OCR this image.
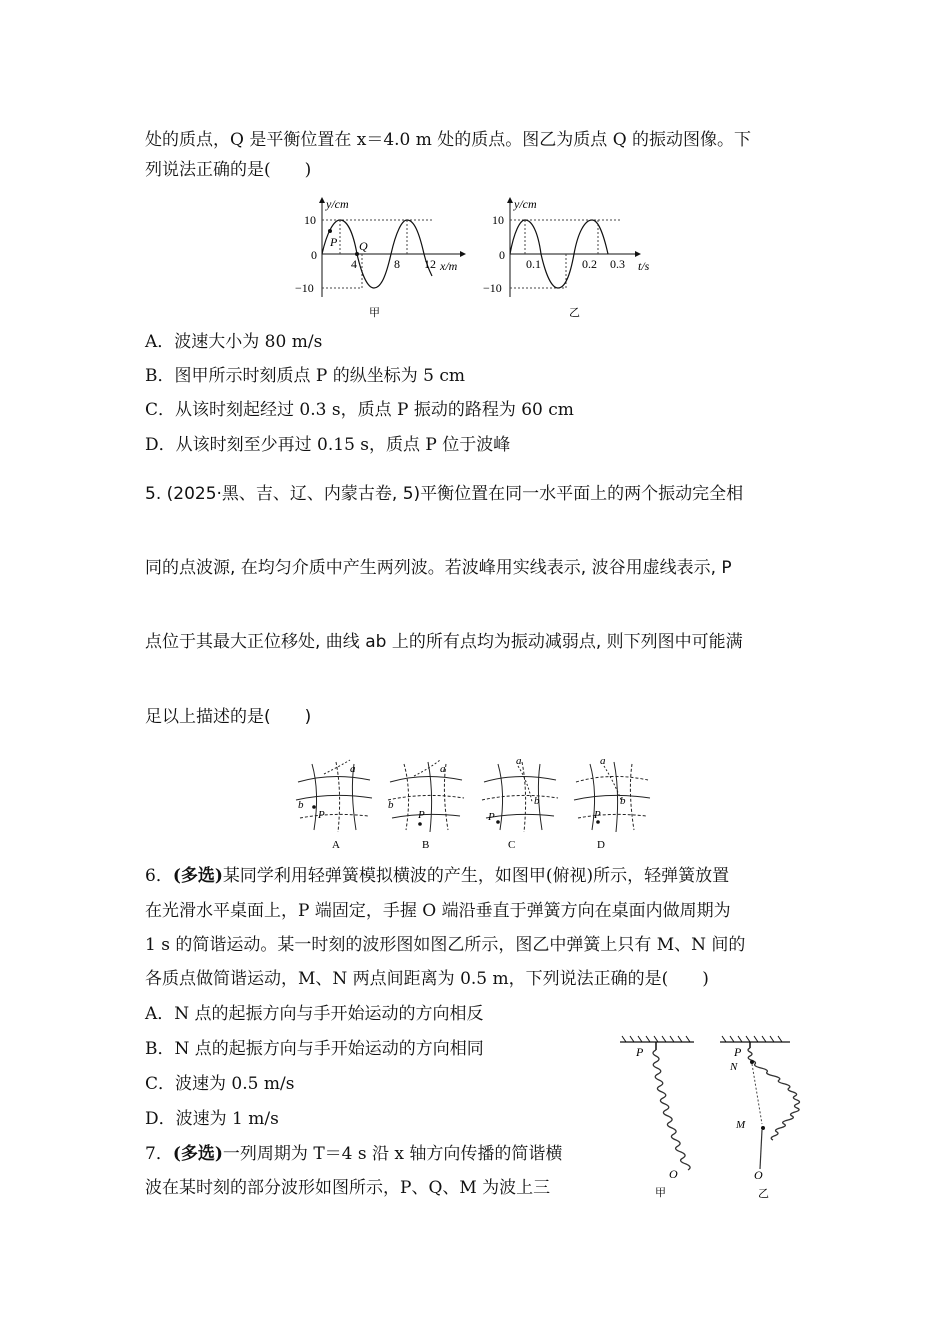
处的质点，Q 是平衡位置在 x＝4.0 m 处的质点。图乙为质点 Q 的振动图像。下
列说法正确的是(　　)
y/cm
x/m
10
0
−10
4	8 12
P Q
甲
y/cm
t/s
10
0
−10
0.1	0.2 0.3
乙
A．波速大小为 80 m/s
B．图甲所示时刻质点 P 的纵坐标为 5 cm
C．从该时刻起经过 0.3 s，质点 P 振动的路程为 60 cm
D．从该时刻至少再过 0.15 s，质点 P 位于波峰
5. (2025·黑、吉、辽、内蒙古卷, 5)平衡位置在同一水平面上的两个振动完全相
同的点波源, 在均匀介质中产生两列波。若波峰用实线表示, 波谷用虚线表示, P
点位于其最大正位移处, 曲线 ab 上的所有点均为振动减弱点, 则下列图中可能满
足以上描述的是(　　)
a
b
P
A
a
b
P
B
a
b
P
C
a
b
P
D
6．(多选)某同学利用轻弹簧模拟横波的产生，如图甲(俯视)所示，轻弹簧放置
在光滑水平桌面上，P 端固定，手握 O 端沿垂直于弹簧方向在桌面内做周期为
1 s 的简谐运动。某一时刻的波形图如图乙所示，图乙中弹簧上只有 M、N 间的
各质点做简谐运动，M、N 两点间距离为 0.5 m，下列说法正确的是(　　)
A．N 点的起振方向与手开始运动的方向相反
B．N 点的起振方向与手开始运动的方向相同
C．波速为 0.5 m/s
D．波速为 1 m/s
P
O
甲
P
N
M
O
乙
7．(多选)一列周期为 T＝4 s 沿 x 轴方向传播的简谐横
波在某时刻的部分波形如图所示，P、Q、M 为波上三
